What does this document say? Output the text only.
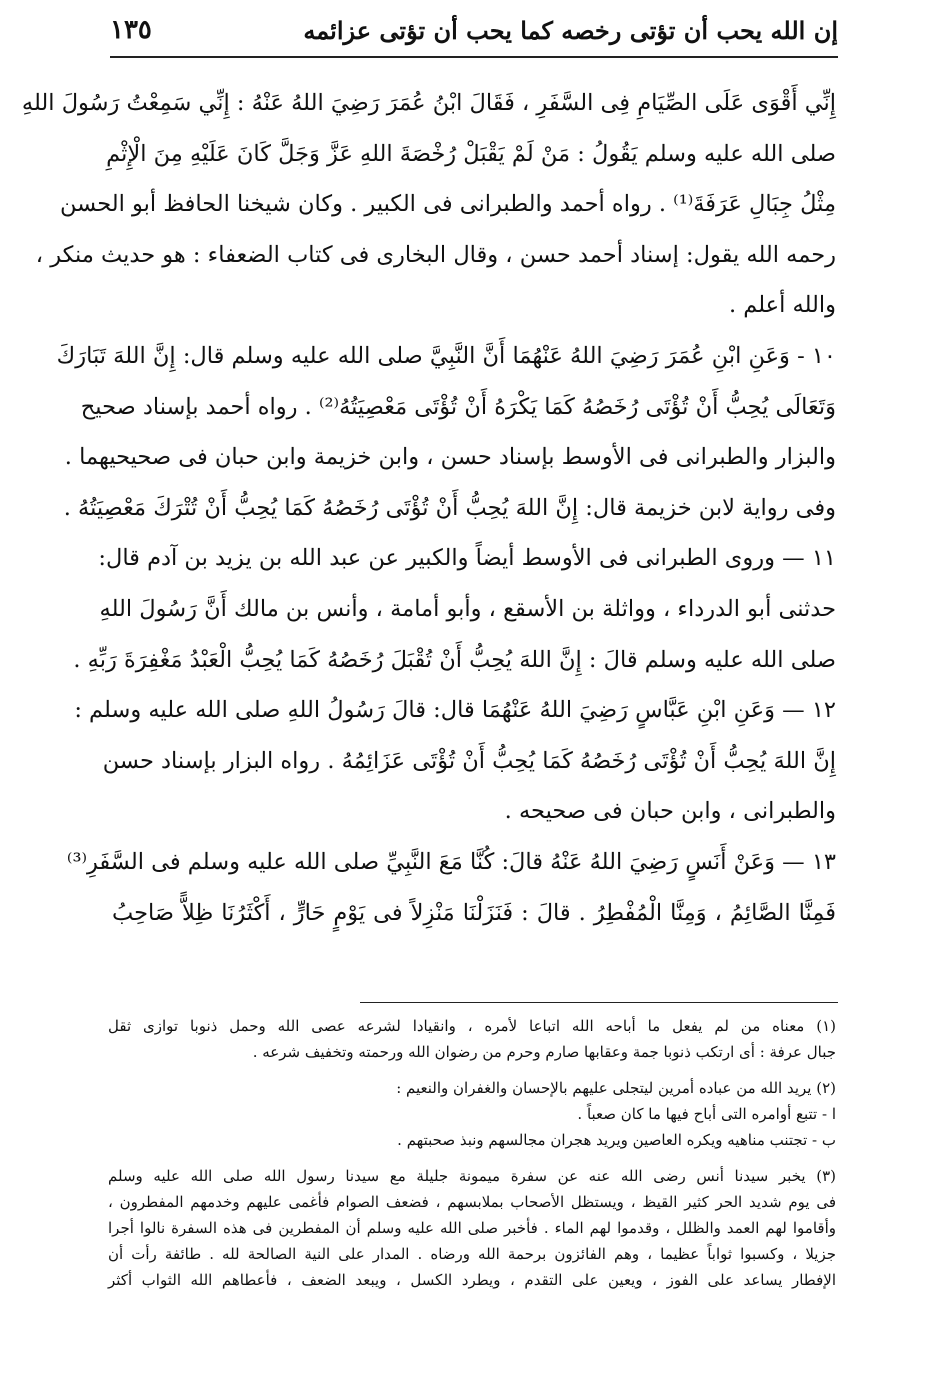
إن الله يحب أن تؤتى رخصه كما يحب أن تؤتى عزائمه
١٣٥
إِنِّي أَقْوَى عَلَى الصِّيَامِ فِى السَّفَرِ ، فَقَالَ ابْنُ عُمَرَ رَضِيَ اللهُ عَنْهُ : إِنِّي سَمِعْتُ رَسُولَ اللهِ
صلى الله عليه وسلم يَقُولُ : مَنْ لَمْ يَقْبَلْ رُخْصَةَ اللهِ عَزَّ وَجَلَّ كَانَ عَلَيْهِ مِنَ الْإِثْمِ
مِثْلُ جِبَالِ عَرَفَةَ⁽¹⁾ . رواه أحمد والطبرانى فى الكبير . وكان شيخنا الحافظ أبو الحسن
رحمه الله يقول: إسناد أحمد حسن ، وقال البخارى فى كتاب الضعفاء : هو حديث منكر ،
والله أعلم .
١٠ - وَعَنِ ابْنِ عُمَرَ رَضِيَ اللهُ عَنْهُمَا أَنَّ النَّبِيَّ صلى الله عليه وسلم قال: إِنَّ اللهَ تَبَارَكَ
وَتَعَالَى يُحِبُّ أَنْ تُؤْتَى رُخَصُهُ كَمَا يَكْرَهُ أَنْ تُؤْتَى مَعْصِيَتُهُ⁽²⁾ . رواه أحمد بإسناد صحيح
والبزار والطبرانى فى الأوسط بإسناد حسن ، وابن خزيمة وابن حبان فى صحيحيهما .
وفى رواية لابن خزيمة قال: إِنَّ اللهَ يُحِبُّ أَنْ تُؤْتَى رُخَصُهُ كَمَا يُحِبُّ أَنْ تُتْرَكَ مَعْصِيَتُهُ .
١١ — وروى الطبرانى فى الأوسط أيضاً والكبير عن عبد الله بن يزيد بن آدم قال:
حدثنى أبو الدرداء ، وواثلة بن الأسقع ، وأبو أمامة ، وأنس بن مالك أَنَّ رَسُولَ اللهِ
صلى الله عليه وسلم قالَ : إِنَّ اللهَ يُحِبُّ أَنْ تُقْبَلَ رُخَصُهُ كَمَا يُحِبُّ الْعَبْدُ مَغْفِرَةَ رَبِّهِ .
١٢ — وَعَنِ ابْنِ عَبَّاسٍ رَضِيَ اللهُ عَنْهُمَا قال: قالَ رَسُولُ اللهِ صلى الله عليه وسلم :
إِنَّ اللهَ يُحِبُّ أَنْ تُؤْتَى رُخَصُهُ كَمَا يُحِبُّ أَنْ تُؤْتَى عَزَائِمُهُ . رواه البزار بإسناد حسن
والطبرانى ، وابن حبان فى صحيحه .
١٣ — وَعَنْ أَنَسٍ رَضِيَ اللهُ عَنْهُ قالَ: كُنَّا مَعَ النَّبِيِّ صلى الله عليه وسلم فى السَّفَرِ⁽³⁾
فَمِنَّا الصَّائِمُ ، وَمِنَّا الْمُفْطِرُ . قالَ : فَنَزَلْنَا مَنْزِلاً فى يَوْمٍ حَارٍّ ، أَكْثَرُنَا ظِلاًّ صَاحِبُ
(١) معناه من لم يفعل ما أباحه الله اتباعا لأمره ، وانقيادا لشرعه عصى الله وحمل ذنوبا توازى ثقل
جبال عرفة : أى ارتكب ذنوبا جمة وعقابها صارم وحرم من رضوان الله ورحمته وتخفيف شرعه .
(٢) يريد الله من عباده أمرين ليتجلى عليهم بالإحسان والغفران والنعيم :
ا - تتبع أوامره التى أباح فيها ما كان صعباً .
ب - تجتنب مناهيه ويكره العاصين ويريد هجران مجالسهم ونبذ صحبتهم .
(٣) يخبر سيدنا أنس رضى الله عنه عن سفرة ميمونة جليلة مع سيدنا رسول الله صلى الله عليه وسلم
فى يوم شديد الحر كثير القيظ ، ويستظل الأصحاب بملابسهم ، فضعف الصوام فأغمى عليهم وخدمهم المفطرون ،
وأقاموا لهم العمد والظلل ، وقدموا لهم الماء . فأخبر صلى الله عليه وسلم أن المفطرين فى هذه السفرة نالوا أجرا
جزيلا ، وكسبوا ثواباً عظيما ، وهم الفائزون برحمة الله ورضاه . المدار على النية الصالحة لله . طائفة رأت أن
الإفطار يساعد على الفوز ، ويعين على التقدم ، ويطرد الكسل ، ويبعد الضعف ، فأعطاهم الله الثواب أكثر
